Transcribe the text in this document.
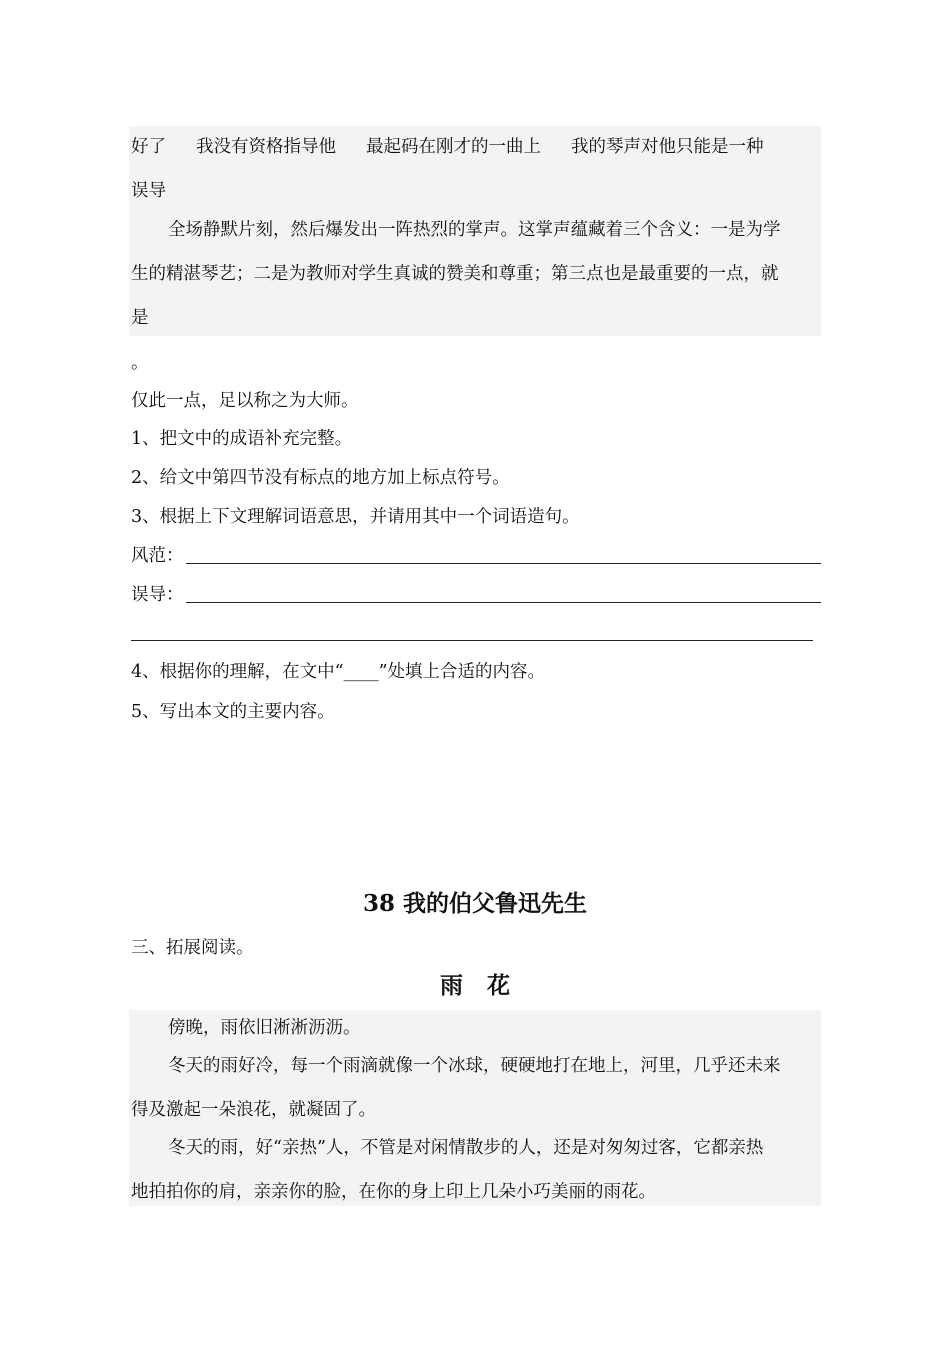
好了 我没有资格指导他 最起码在刚才的一曲上 我的琴声对他只能是一种
误导
全场静默片刻，然后爆发出一阵热烈的掌声。这掌声蕴藏着三个含义：一是为学
生的精湛琴艺；二是为教师对学生真诚的赞美和尊重；第三点也是最重要的一点，就
是
。
仅此一点，足以称之为大师。
1、把文中的成语补充完整。
2、给文中第四节没有标点的地方加上标点符号。
3、根据上下文理解词语意思，并请用其中一个词语造句。
风范：
误导：
4、根据你的理解，在文中“____”处填上合适的内容。
5、写出本文的主要内容。
38 我的伯父鲁迅先生
三、拓展阅读。
雨花
傍晚，雨依旧淅淅沥沥。
冬天的雨好冷，每一个雨滴就像一个冰球，硬硬地打在地上，河里，几乎还未来
得及激起一朵浪花，就凝固了。
冬天的雨，好“亲热”人，不管是对闲情散步的人，还是对匆匆过客，它都亲热
地拍拍你的肩，亲亲你的脸，在你的身上印上几朵小巧美丽的雨花。
